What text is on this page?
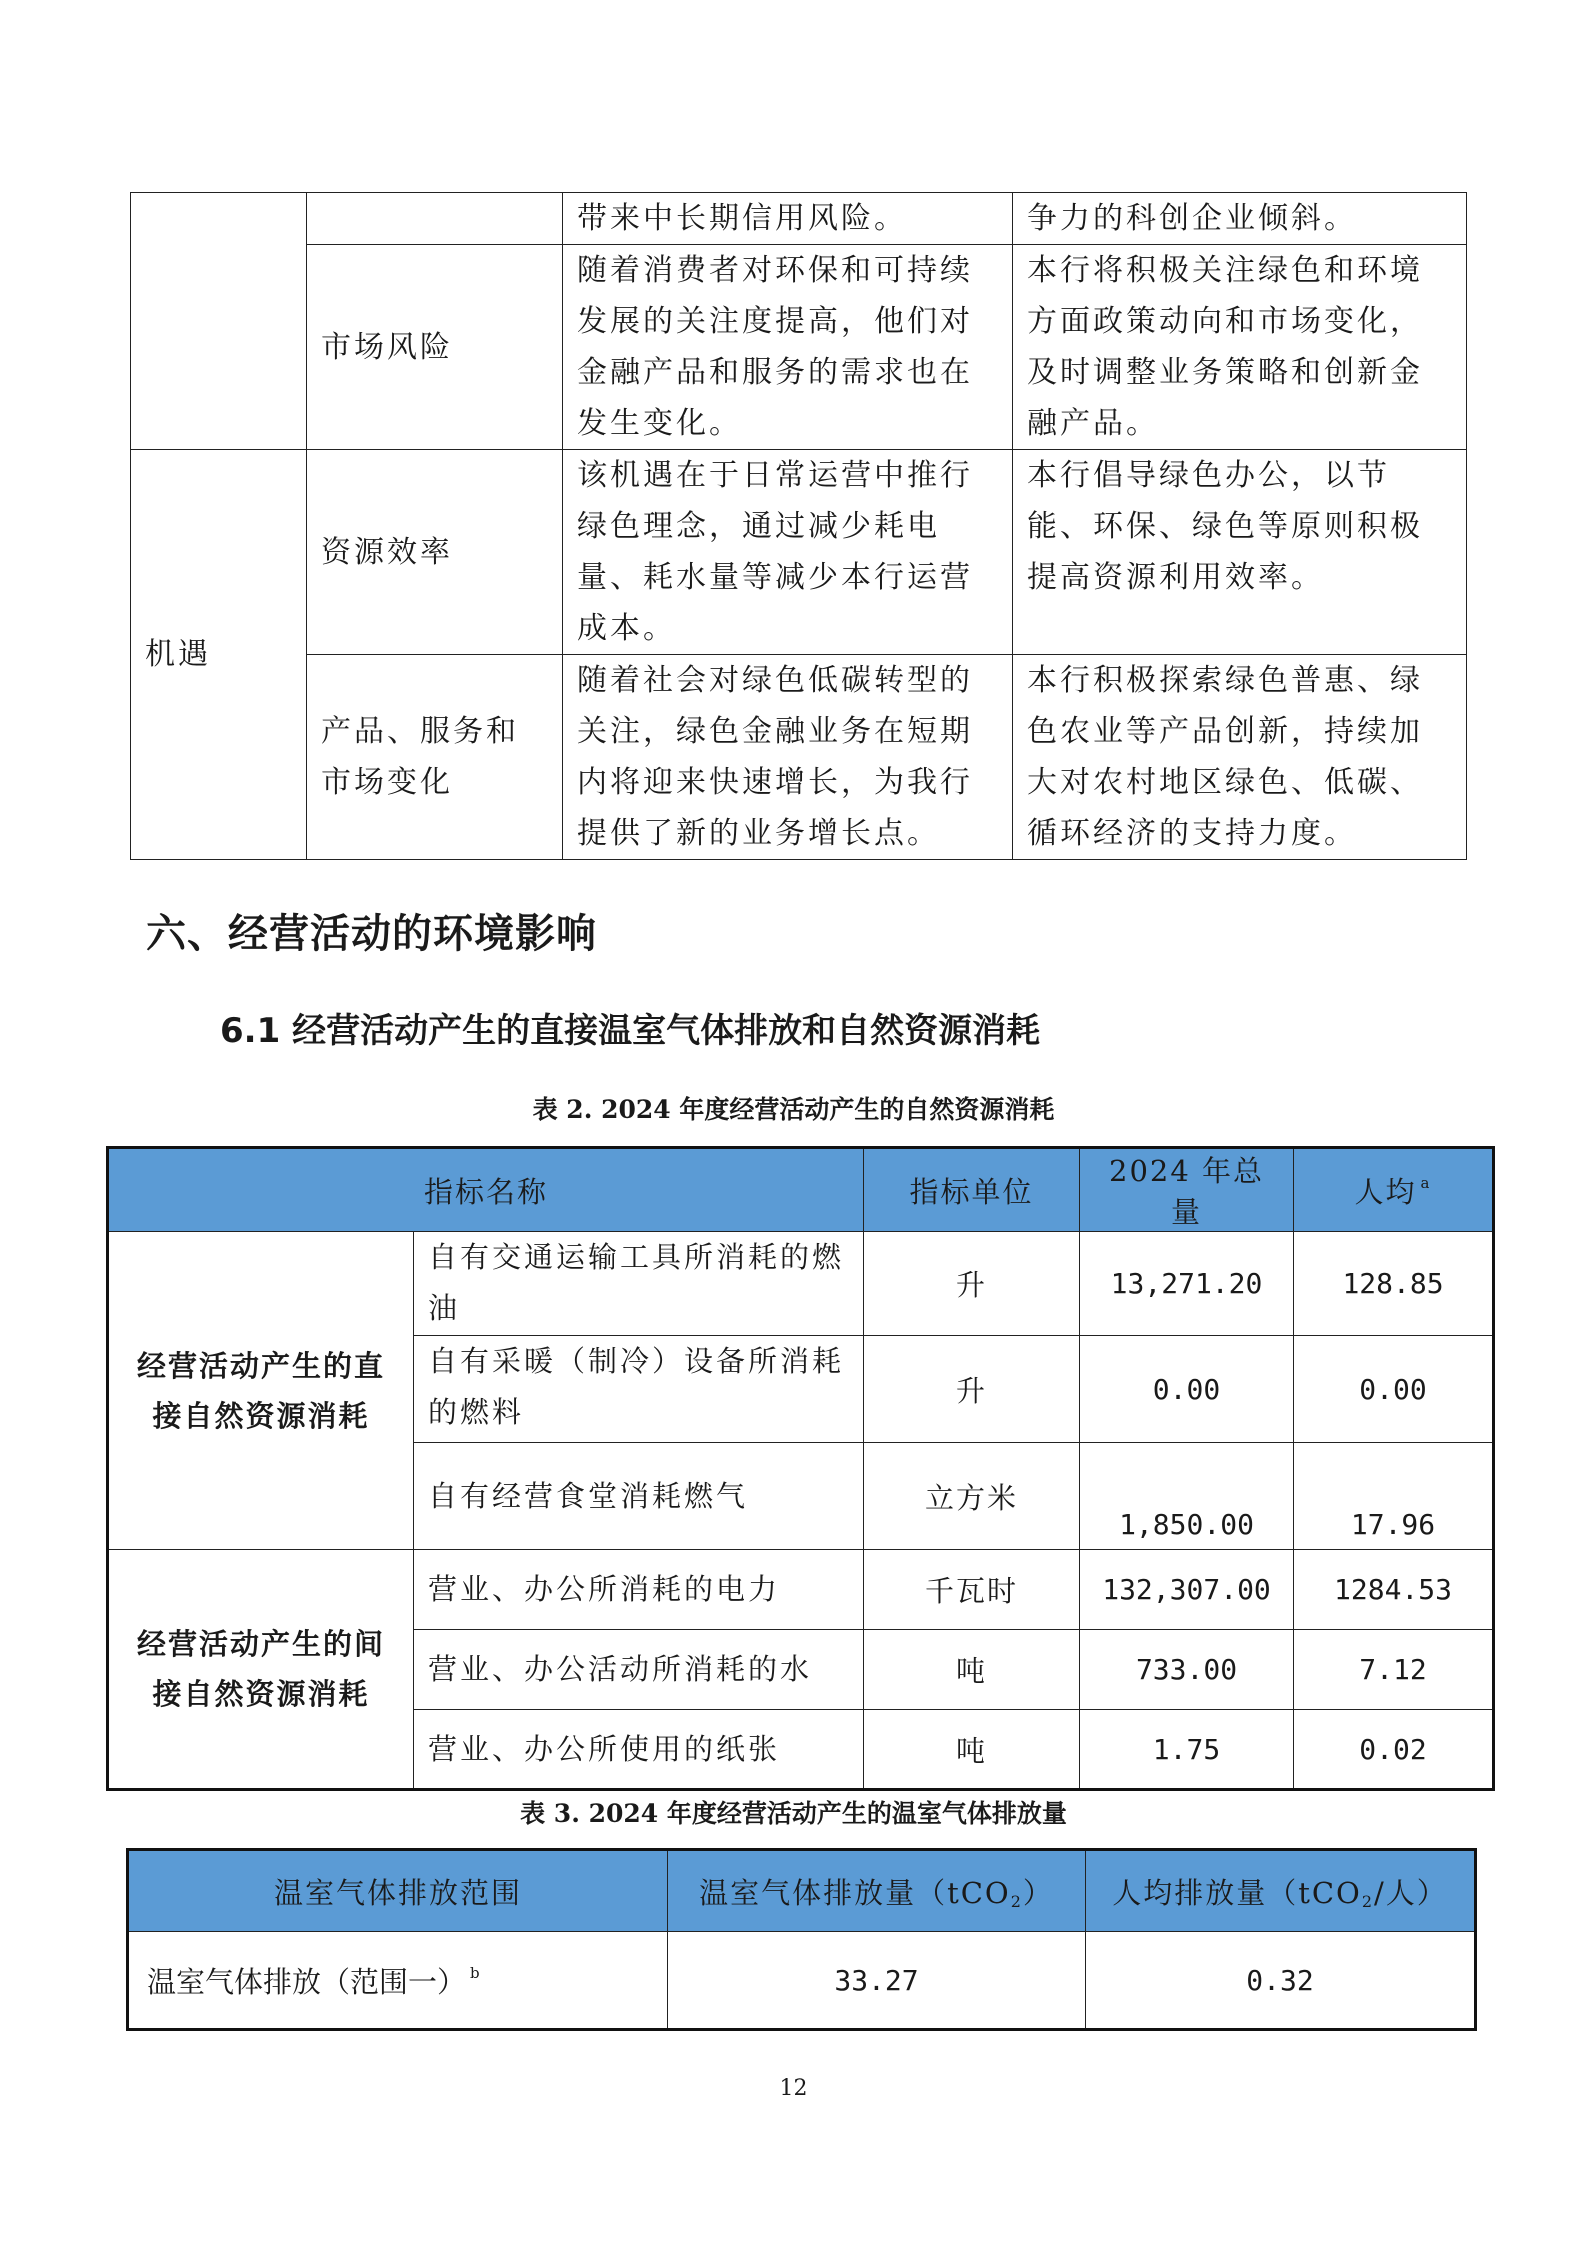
		带来中长期信用风险。	争力的科创企业倾斜。
	市场风险	随着消费者对环保和可持续发展的关注度提高，他们对金融产品和服务的需求也在发生变化。	本行将积极关注绿色和环境方面政策动向和市场变化，及时调整业务策略和创新金融产品。
机遇	资源效率	该机遇在于日常运营中推行绿色理念，通过减少耗电量、耗水量等减少本行运营成本。	本行倡导绿色办公，以节能、环保、绿色等原则积极提高资源利用效率。
	产品、服务和市场变化	随着社会对绿色低碳转型的关注，绿色金融业务在短期内将迎来快速增长，为我行提供了新的业务增长点。	本行积极探索绿色普惠、绿色农业等产品创新，持续加大对农村地区绿色、低碳、循环经济的支持力度。
六、经营活动的环境影响
6.1 经营活动产生的直接温室气体排放和自然资源消耗

表 2. 2024 年度经营活动产生的自然资源消耗

指标名称		指标单位	2024 年总量	人均 $^a$
经营活动产生的直接自然资源消耗	自有交通运输工具所消耗的燃油	升	13,271.20	128.85
	自有采暖（制冷）设备所消耗的燃料	升	0.00	0.00
	自有经营食堂消耗燃气	立方米	1,850.00	17.96
经营活动产生的间接自然资源消耗	营业、办公所消耗的电力	千瓦时	132,307.00	1284.53
	营业、办公活动所消耗的水	吨	733.00	7.12
	营业、办公所使用的纸张	吨	1.75	0.02

表 3. 2024 年度经营活动产生的温室气体排放量

温室气体排放范围	温室气体排放量（tCO$_2$）	人均排放量（tCO$_2$/人）
温室气体排放（范围一） $^b$	33.27	0.32
12
